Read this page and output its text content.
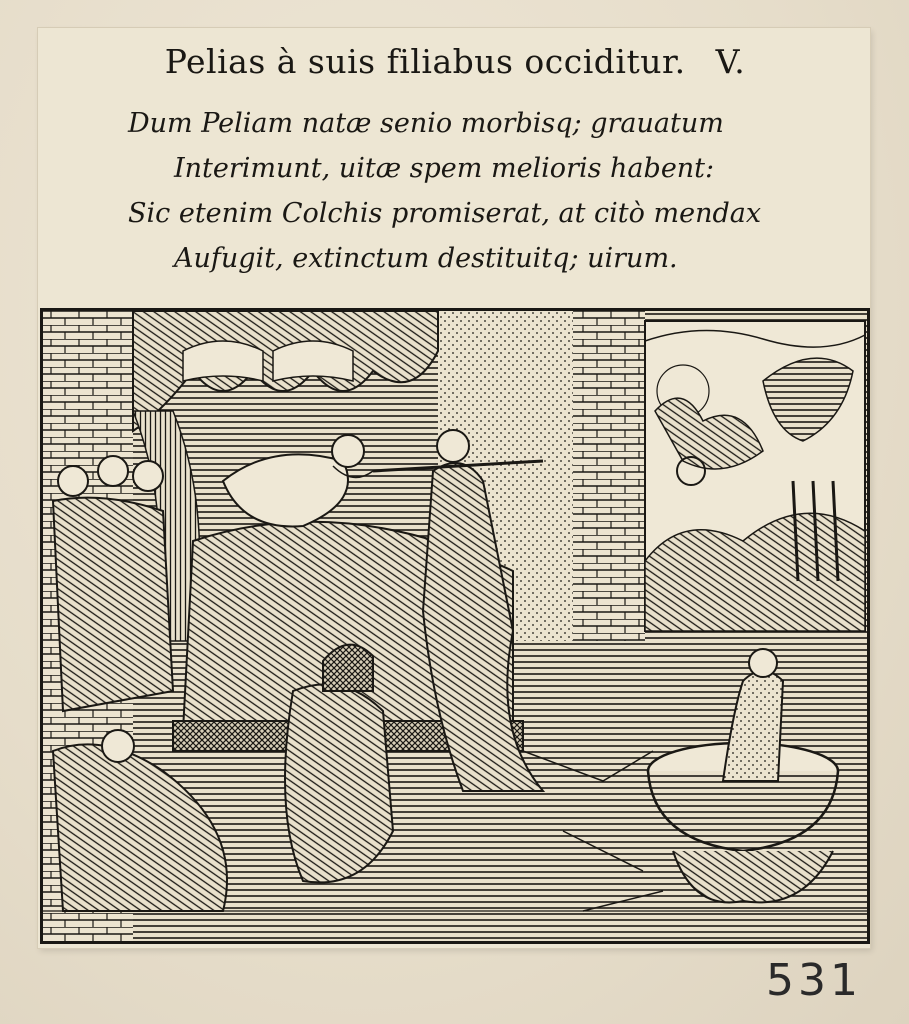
Pelias à suis filiabus occiditur. V.
Dum Peliam natæ senio morbisq; grauatum
Interimunt, uitæ spem melioris habent:
Sic etenim Colchis promiserat, at citò mendax
Aufugit, extinctum destituitq; uirum.
531
